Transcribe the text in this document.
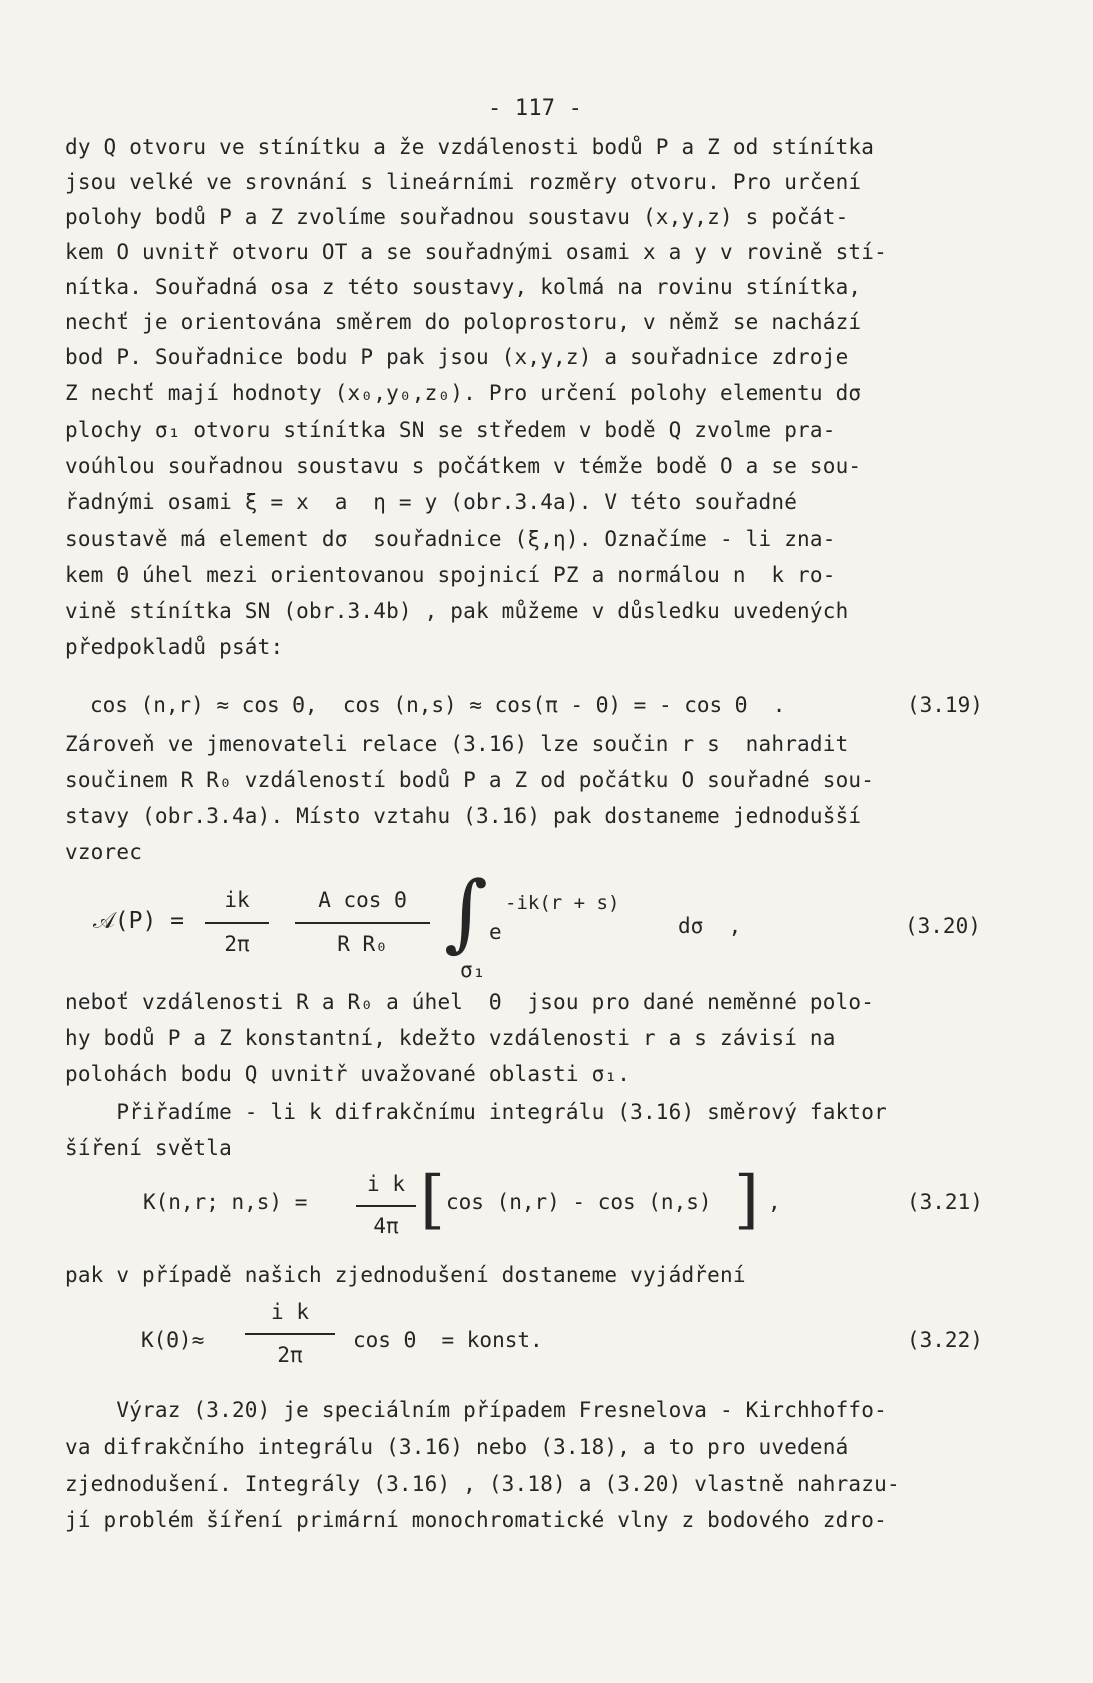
- 117 -
dy Q otvoru ve stínítku a že vzdálenosti bodů P a Z od stínítka
jsou velké ve srovnání s lineárními rozměry otvoru. Pro určení
polohy bodů P a Z zvolíme souřadnou soustavu (x,y,z) s počát-
kem O uvnitř otvoru OT a se souřadnými osami x a y v rovině stí-
nítka. Souřadná osa z této soustavy, kolmá na rovinu stínítka,
nechť je orientována směrem do poloprostoru, v němž se nachází
bod P. Souřadnice bodu P pak jsou (x,y,z) a souřadnice zdroje
Z nechť mají hodnoty (x₀,y₀,z₀). Pro určení polohy elementu dσ
plochy σ₁ otvoru stínítka SN se středem v bodě Q zvolme pra-
voúhlou souřadnou soustavu s počátkem v témže bodě O a se sou-
řadnými osami ξ = x  a  η = y (obr.3.4a). V této souřadné
soustavě má element dσ  souřadnice (ξ,η). Označíme - li zna-
kem Θ úhel mezi orientovanou spojnicí PZ a normálou n  k ro-
vině stínítka SN (obr.3.4b) , pak můžeme v důsledku uvedených
předpokladů psát:
cos (n,r) ≈ cos Θ,  cos (n,s) ≈ cos(π - Θ) = - cos Θ  .	(3.19)
Zároveň ve jmenovateli relace (3.16) lze součin r s  nahradit
součinem R R₀ vzdáleností bodů P a Z od počátku O souřadné sou-
stavy (obr.3.4a). Místo vztahu (3.16) pak dostaneme jednodušší
vzorec
𝒜(P) =
ik
2π
A cos Θ
R R₀ ∫ e
-ik(r + s)
σ₁
dσ  ,	(3.20)
neboť vzdálenosti R a R₀ a úhel  Θ  jsou pro dané neměnné polo-
hy bodů P a Z konstantní, kdežto vzdálenosti r a s závisí na
polohách bodu Q uvnitř uvažované oblasti σ₁.
Přiřadíme - li k difrakčnímu integrálu (3.16) směrový faktor
šíření světla
K(n,r; n,s) =
i k
4π [ cos (n,r) - cos (n,s) ] ,	(3.21)
pak v případě našich zjednodušení dostaneme vyjádření
K(Θ)≈
i k
2π
cos Θ  = konst.	(3.22)
Výraz (3.20) je speciálním případem Fresnelova - Kirchhoffo-
va difrakčního integrálu (3.16) nebo (3.18), a to pro uvedená
zjednodušení. Integrály (3.16) , (3.18) a (3.20) vlastně nahrazu-
jí problém šíření primární monochromatické vlny z bodového zdro-
